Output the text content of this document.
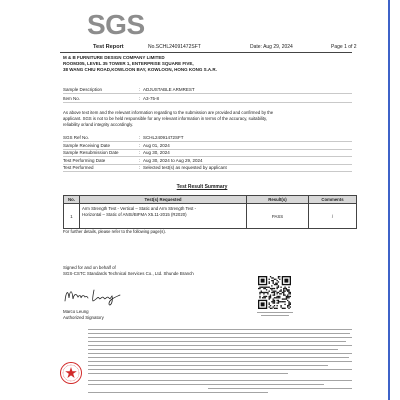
SGS
Test Report	No.SCHL24091472SFT	Date: Aug 29, 2024	Page 1 of 2
M & B FURNITURE DESIGN COMPANY LIMITED
ROOM305, LEVEL 35 TOWER 1, ENTERPRISE SQUARE FIVE,
38 WANG CHIU ROAD,KOWLOON BAY, KOWLOON, HONG KONG S.A.R.
Sample Description	: ADJUSTABLE ARMREST
Item No.	: A3-75-8
As above text item and the relevant information regarding to the submission are provided and confirmed by the
applicant. SGS is not to be held responsible for any relevant information in terms of the accuracy, suitability,
reliability or/and integrity accordingly.
SGS Ref No.	: SCHL24091472SFT
Sample Receiving Date	: Aug 01, 2024
Sample Resubmission Date	: Aug 30, 2024
Test Performing Date	: Aug 30, 2024 to Aug 29, 2024
Test Performed	: Selected test(s) as requested by applicant
Test Result Summary
No.	Test(s) Requested	Result(s)	Comments
1	Arm Strength Test - Vertical – Static and Arm Strength Test -
Horizontal – Static of ANSI/BIFMA X5.11-2015 (R2020)	PASS	/
For further details, please refer to the following page(s).
Signed for and on behalf of
SGS-CSTC Standards Technical Services Co., Ltd. Shunde Branch
Marco Leung
Authorized Signatory
